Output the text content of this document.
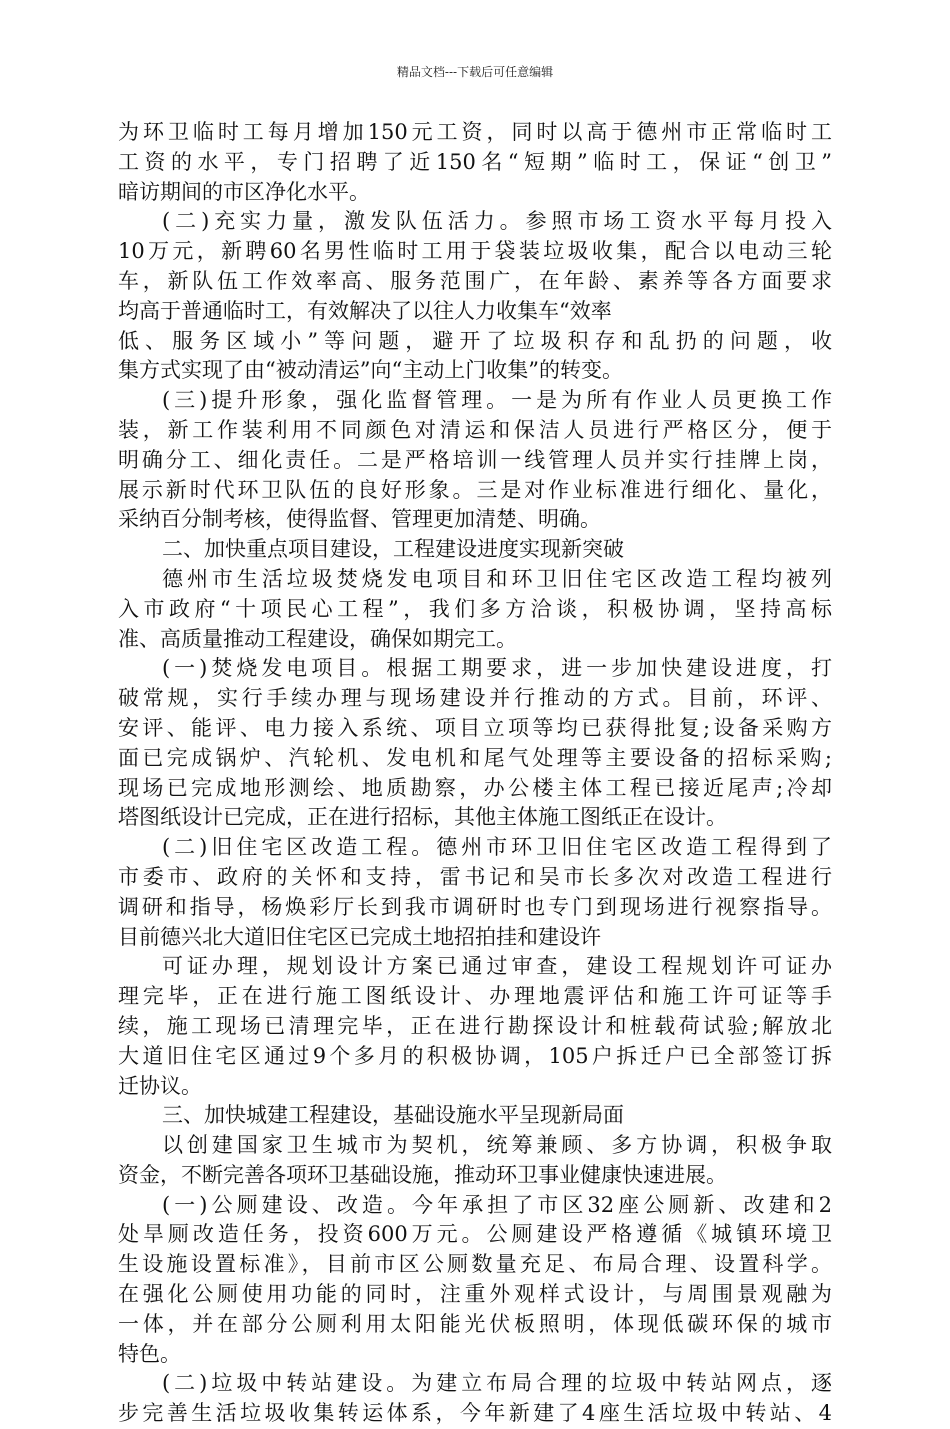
精品文档---下载后可任意编辑
为环卫临时工每月增加150元工资，同时以高于德州市正常临时工
工资的水平，专门招聘了近150名“短期”临时工，保证“创卫”
暗访期间的市区净化水平。
(二)充实力量，激发队伍活力。参照市场工资水平每月投入
10万元，新聘60名男性临时工用于袋装垃圾收集，配合以电动三轮
车，新队伍工作效率高、服务范围广，在年龄、素养等各方面要求
均高于普通临时工，有效解决了以往人力收集车“效率
低、服务区域小”等问题，避开了垃圾积存和乱扔的问题，收
集方式实现了由“被动清运”向“主动上门收集”的转变。
(三)提升形象，强化监督管理。一是为所有作业人员更换工作
装，新工作装利用不同颜色对清运和保洁人员进行严格区分，便于
明确分工、细化责任。二是严格培训一线管理人员并实行挂牌上岗，
展示新时代环卫队伍的良好形象。三是对作业标准进行细化、量化，
采纳百分制考核，使得监督、管理更加清楚、明确。
二、加快重点项目建设，工程建设进度实现新突破
德州市生活垃圾焚烧发电项目和环卫旧住宅区改造工程均被列
入市政府“十项民心工程”，我们多方洽谈，积极协调，坚持高标
准、高质量推动工程建设，确保如期完工。
(一)焚烧发电项目。根据工期要求，进一步加快建设进度，打
破常规，实行手续办理与现场建设并行推动的方式。目前，环评、
安评、能评、电力接入系统、项目立项等均已获得批复;设备采购方
面已完成锅炉、汽轮机、发电机和尾气处理等主要设备的招标采购;
现场已完成地形测绘、地质勘察，办公楼主体工程已接近尾声;冷却
塔图纸设计已完成，正在进行招标，其他主体施工图纸正在设计。
(二)旧住宅区改造工程。德州市环卫旧住宅区改造工程得到了
市委市、政府的关怀和支持，雷书记和吴市长多次对改造工程进行
调研和指导，杨焕彩厅长到我市调研时也专门到现场进行视察指导。
目前德兴北大道旧住宅区已完成土地招拍挂和建设许
可证办理，规划设计方案已通过审查，建设工程规划许可证办
理完毕，正在进行施工图纸设计、办理地震评估和施工许可证等手
续，施工现场已清理完毕，正在进行勘探设计和桩载荷试验;解放北
大道旧住宅区通过9个多月的积极协调，105户拆迁户已全部签订拆
迁协议。
三、加快城建工程建设，基础设施水平呈现新局面
以创建国家卫生城市为契机，统筹兼顾、多方协调，积极争取
资金，不断完善各项环卫基础设施，推动环卫事业健康快速进展。
(一)公厕建设、改造。今年承担了市区32座公厕新、改建和2
处旱厕改造任务，投资600万元。公厕建设严格遵循《城镇环境卫
生设施设置标准》，目前市区公厕数量充足、布局合理、设置科学。
在强化公厕使用功能的同时，注重外观样式设计，与周围景观融为
一体，并在部分公厕利用太阳能光伏板照明，体现低碳环保的城市
特色。
(二)垃圾中转站建设。为建立布局合理的垃圾中转站网点，逐
步完善生活垃圾收集转运体系，今年新建了4座生活垃圾中转站、4
